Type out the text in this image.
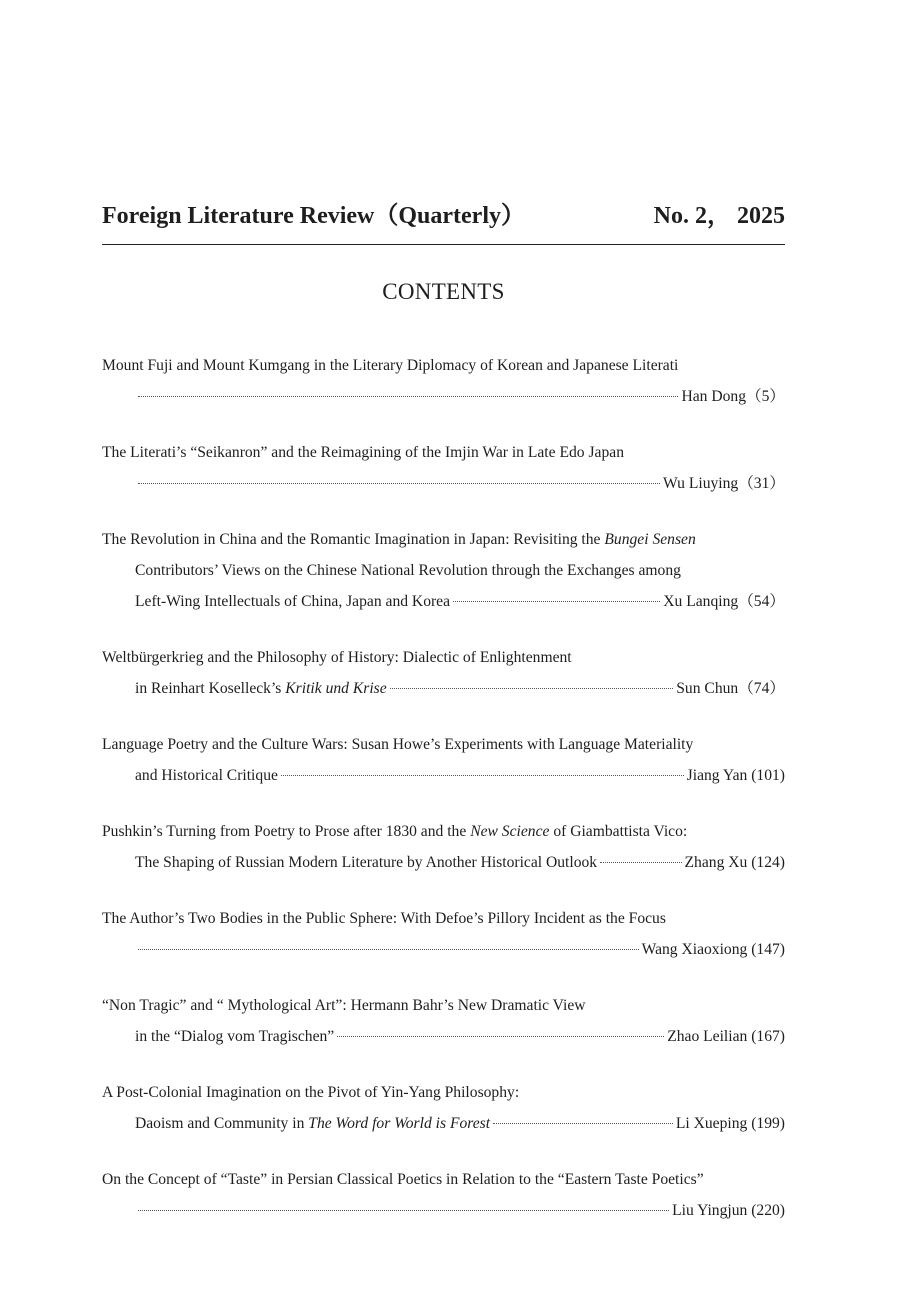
Foreign Literature Review（Quarterly）	No. 2， 2025
CONTENTS
Mount Fuji and Mount Kumgang in the Literary Diplomacy of Korean and Japanese Literati
Han Dong（5）
The Literati’s “Seikanron” and the Reimagining of the Imjin War in Late Edo Japan
Wu Liuying（31）
The Revolution in China and the Romantic Imagination in Japan: Revisiting the Bungei Sensen
Contributors’ Views on the Chinese National Revolution through the Exchanges among
Left-Wing Intellectuals of China, Japan and Korea	Xu Lanqing（54）
Weltbürgerkrieg and the Philosophy of History: Dialectic of Enlightenment
in Reinhart Koselleck’s Kritik und Krise	Sun Chun（74）
Language Poetry and the Culture Wars: Susan Howe’s Experiments with Language Materiality
and Historical Critique	Jiang Yan (101)
Pushkin’s Turning from Poetry to Prose after 1830 and the New Science of Giambattista Vico:
The Shaping of Russian Modern Literature by Another Historical Outlook	Zhang Xu (124)
The Author’s Two Bodies in the Public Sphere: With Defoe’s Pillory Incident as the Focus
Wang Xiaoxiong (147)
“Non Tragic” and “ Mythological Art”: Hermann Bahr’s New Dramatic View
in the “Dialog vom Tragischen”	Zhao Leilian (167)
A Post-Colonial Imagination on the Pivot of Yin-Yang Philosophy:
Daoism and Community in The Word for World is Forest	Li Xueping (199)
On the Concept of “Taste” in Persian Classical Poetics in Relation to the “Eastern Taste Poetics”
Liu Yingjun (220)
